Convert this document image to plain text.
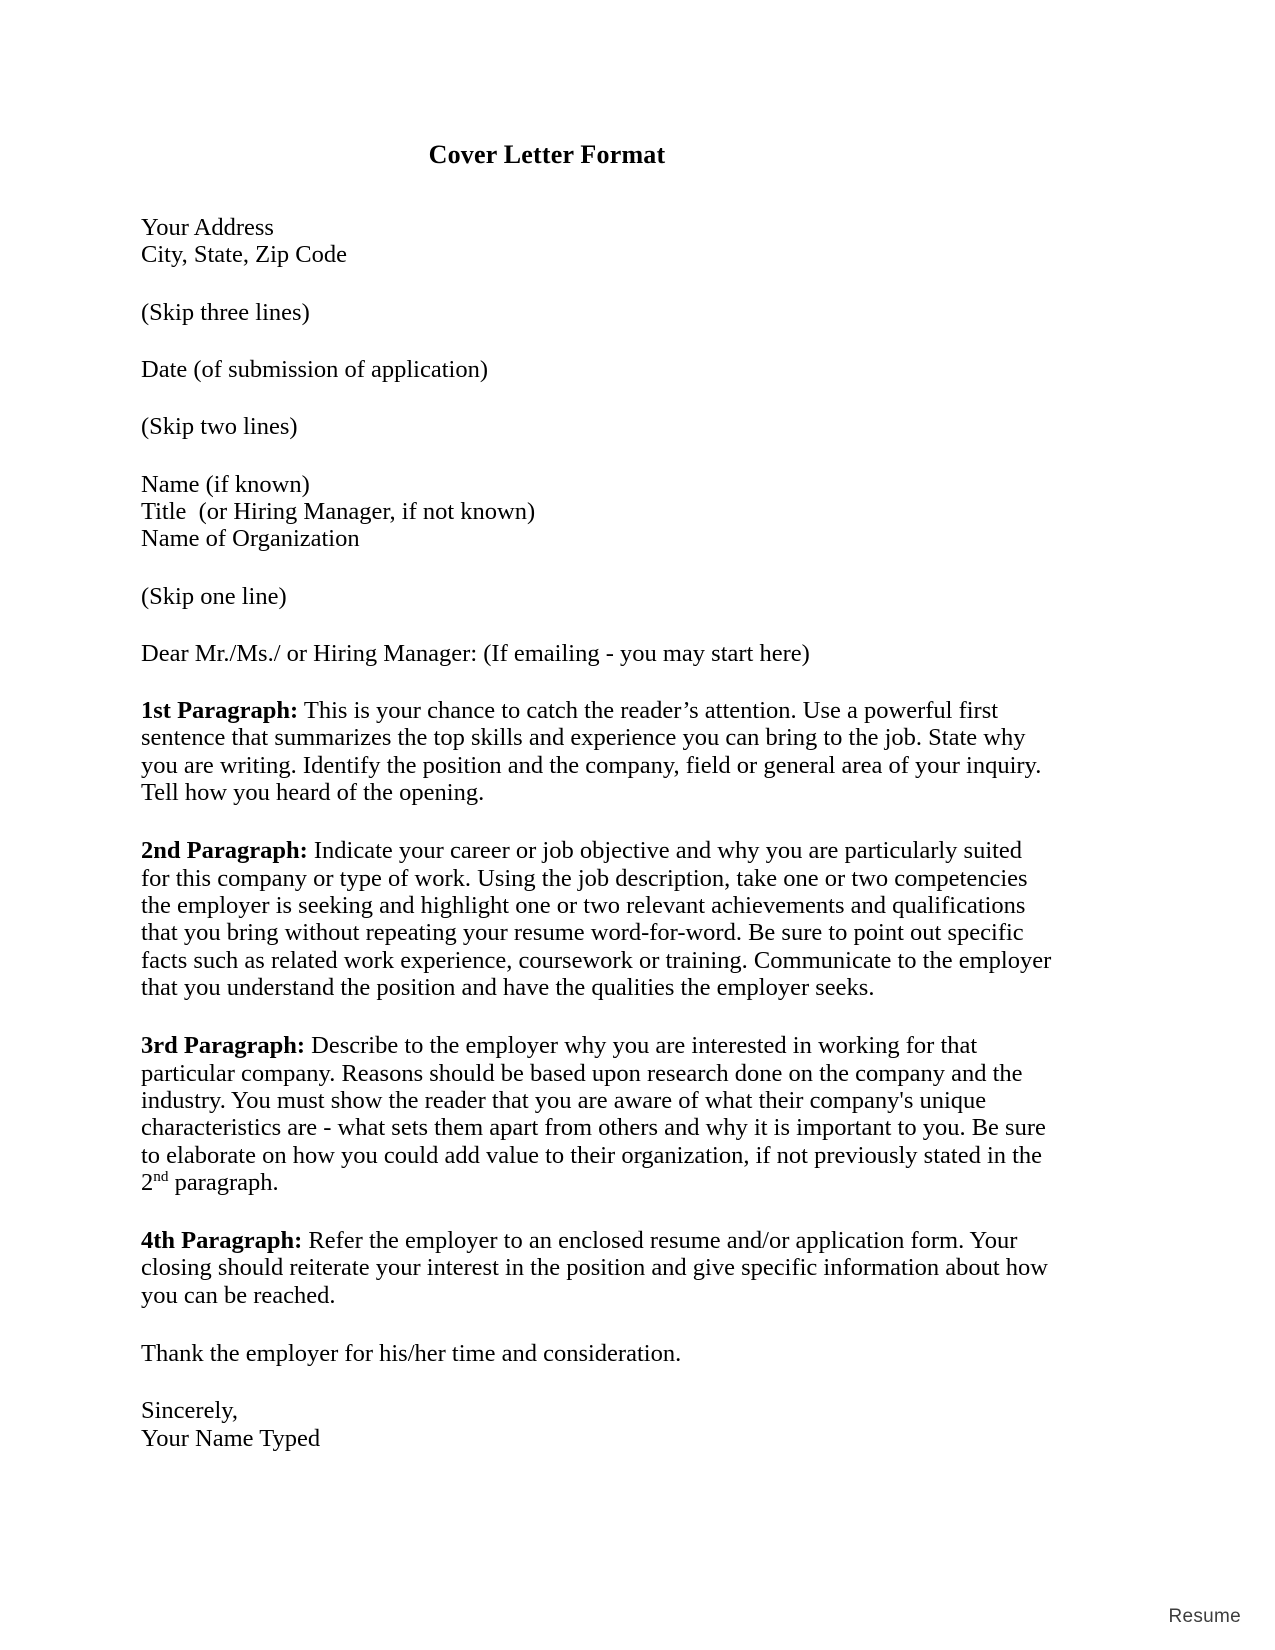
Cover Letter Format
Your Address
City, State, Zip Code
(Skip three lines)
Date (of submission of application)
(Skip two lines)
Name (if known)
Title  (or Hiring Manager, if not known)
Name of Organization
(Skip one line)
Dear Mr./Ms./ or Hiring Manager: (If emailing - you may start here)

1st Paragraph: This is your chance to catch the reader’s attention. Use a powerful first sentence that summarizes the top skills and experience you can bring to the job. State why you are writing. Identify the position and the company, field or general area of your inquiry. Tell how you heard of the opening.

2nd Paragraph: Indicate your career or job objective and why you are particularly suited for this company or type of work. Using the job description, take one or two competencies the employer is seeking and highlight one or two relevant achievements and qualifications that you bring without repeating your resume word-for-word. Be sure to point out specific facts such as related work experience, coursework or training. Communicate to the employer that you understand the position and have the qualities the employer seeks.

3rd Paragraph: Describe to the employer why you are interested in working for that particular company. Reasons should be based upon research done on the company and the industry. You must show the reader that you are aware of what their company's unique characteristics are - what sets them apart from others and why it is important to you. Be sure to elaborate on how you could add value to their organization, if not previously stated in the 2nd paragraph.

4th Paragraph: Refer the employer to an enclosed resume and/or application form. Your closing should reiterate your interest in the position and give specific information about how you can be reached.

Thank the employer for his/her time and consideration.
Sincerely,
Your Name Typed
Resume
